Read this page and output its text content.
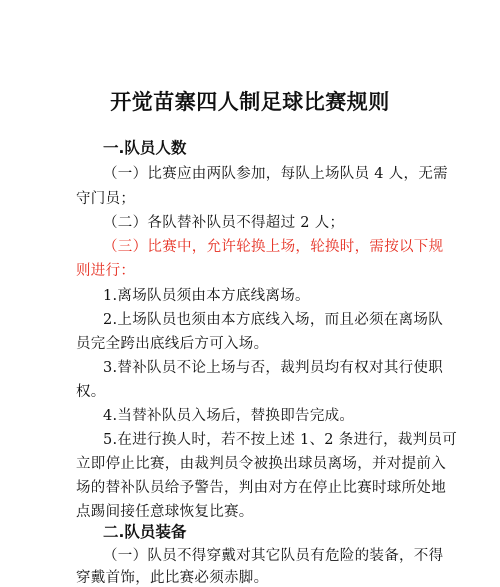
开觉苗寨四人制足球比赛规则
一.队员人数
（一）比赛应由两队参加，每队上场队员 4 人，无需
守门员；
（二）各队替补队员不得超过 2 人；
（三）比赛中，允许轮换上场，轮换时，需按以下规
则进行：
1.离场队员须由本方底线离场。
2.上场队员也须由本方底线入场，而且必须在离场队
员完全跨出底线后方可入场。
3.替补队员不论上场与否，裁判员均有权对其行使职
权。
4.当替补队员入场后，替换即告完成。
5.在进行换人时，若不按上述 1、2 条进行，裁判员可
立即停止比赛，由裁判员令被换出球员离场，并对提前入
场的替补队员给予警告，判由对方在停止比赛时球所处地
点踢间接任意球恢复比赛。
二.队员装备
（一）队员不得穿戴对其它队员有危险的装备，不得
穿戴首饰，此比赛必须赤脚。
